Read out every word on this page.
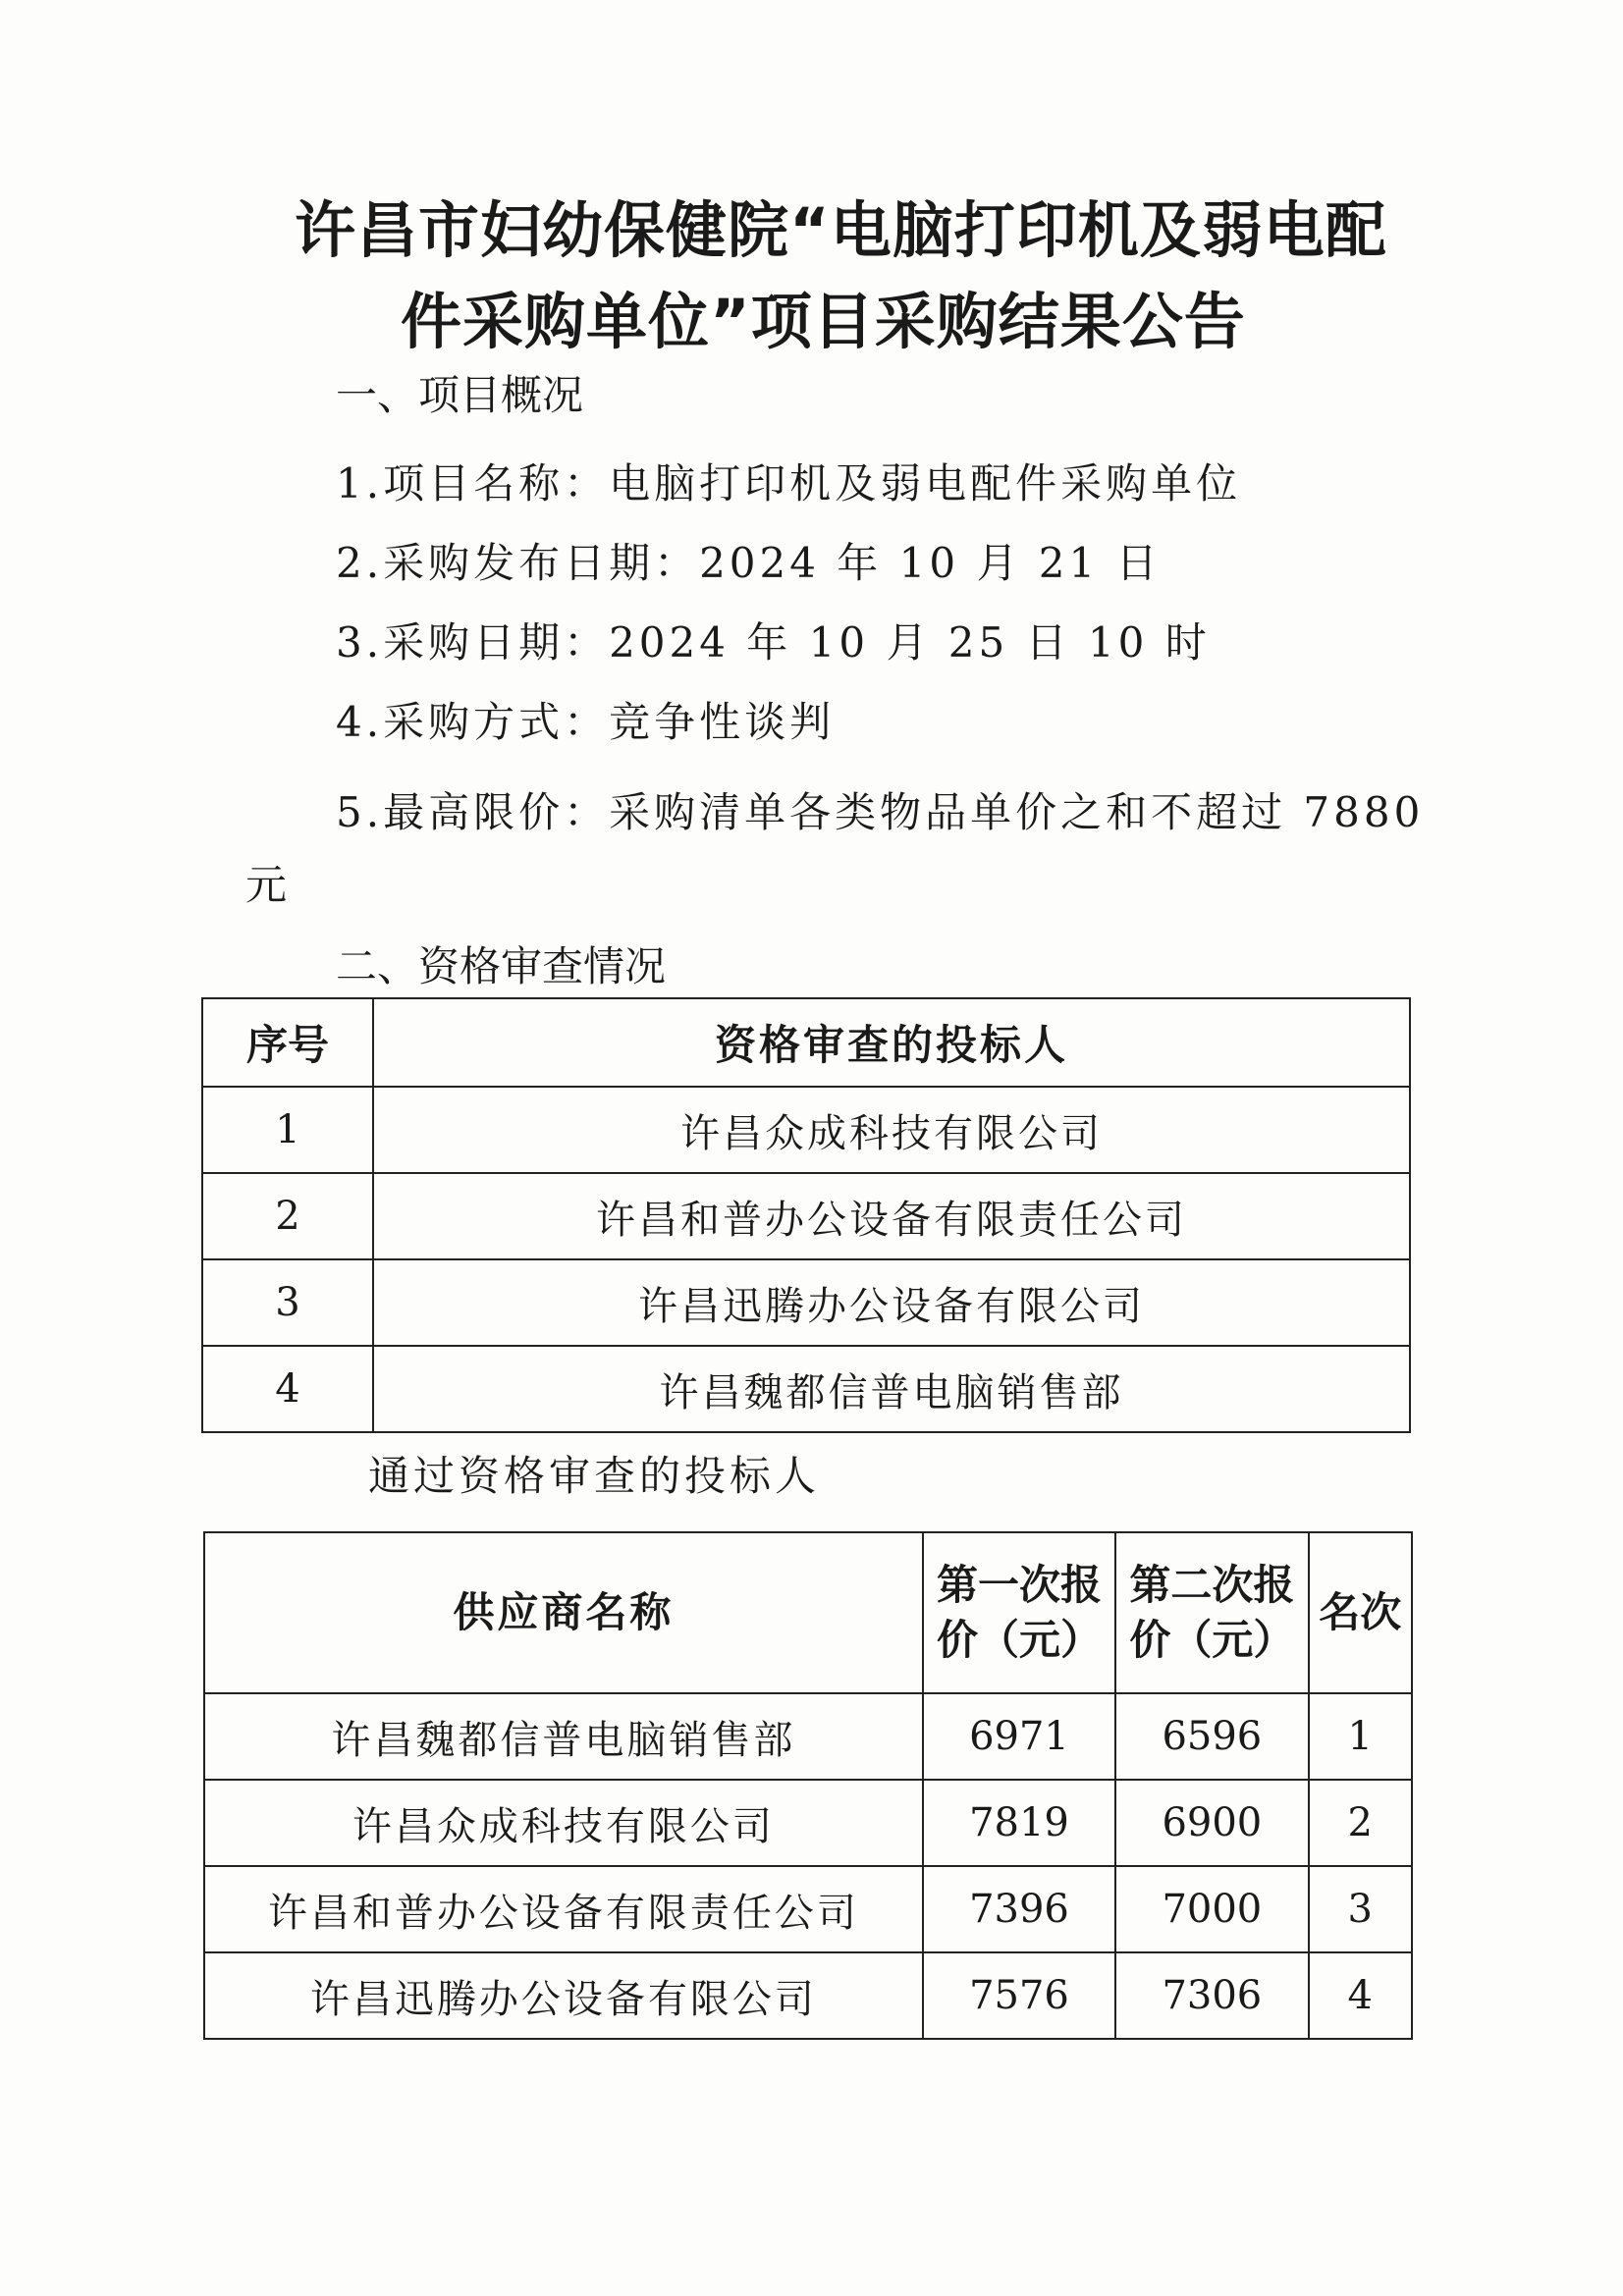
许昌市妇幼保健院“电脑打印机及弱电配
件采购单位”项目采购结果公告
一、项目概况
1.项目名称：电脑打印机及弱电配件采购单位
2.采购发布日期：2024 年 10 月 21 日
3.采购日期：2024 年 10 月 25 日 10 时
4.采购方式：竞争性谈判
5.最高限价：采购清单各类物品单价之和不超过 7880
元
二、资格审查情况
序号	资格审查的投标人
1	许昌众成科技有限公司
2	许昌和普办公设备有限责任公司
3	许昌迅腾办公设备有限公司
4	许昌魏都信普电脑销售部
通过资格审查的投标人
供应商名称	第一次报价（元）	第二次报价（元）	名次
许昌魏都信普电脑销售部	6971	6596	1
许昌众成科技有限公司	7819	6900	2
许昌和普办公设备有限责任公司	7396	7000	3
许昌迅腾办公设备有限公司	7576	7306	4
